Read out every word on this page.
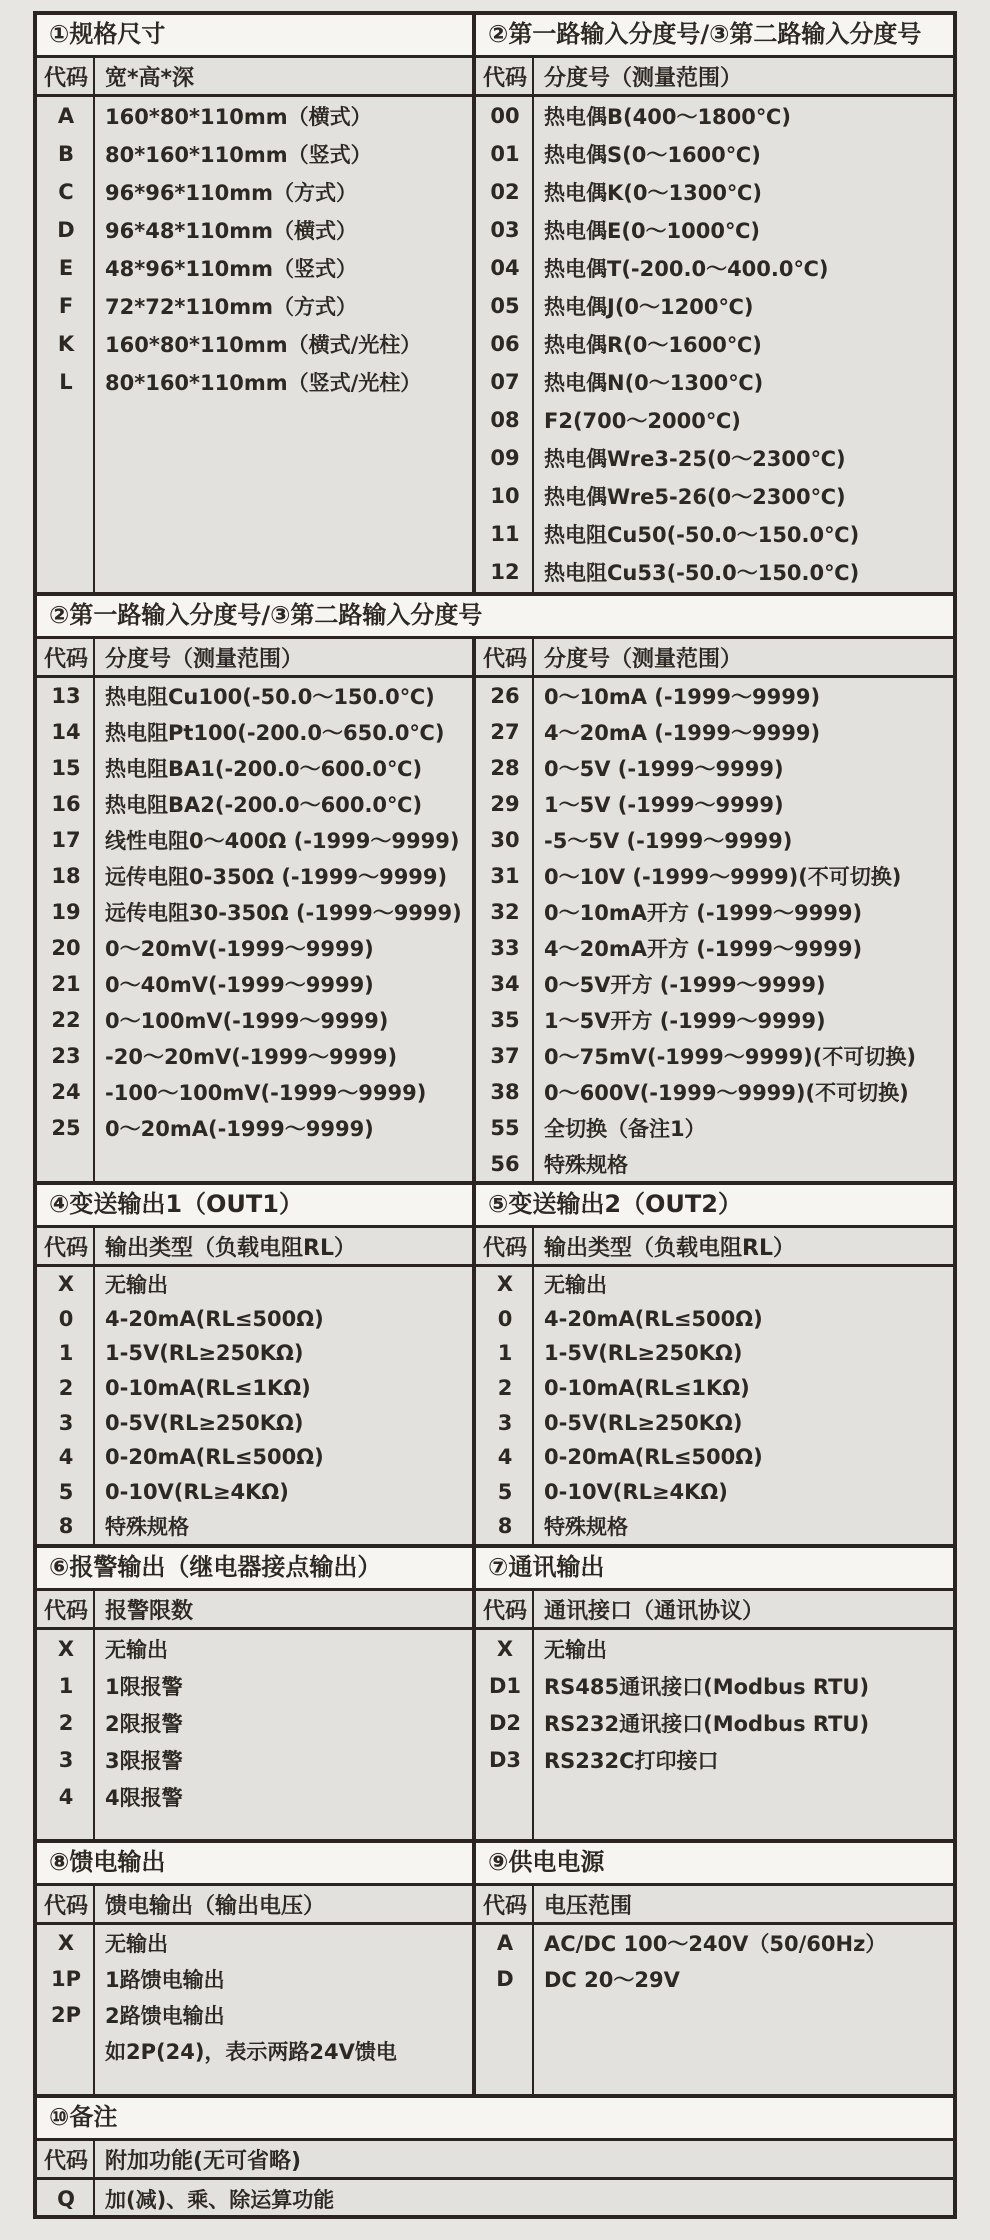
①规格尺寸
代码 宽*高*深
A	160*80*110mm（横式）
B	80*160*110mm（竖式）
C	96*96*110mm（方式）
D	96*48*110mm（横式）
E	48*96*110mm（竖式）
F	72*72*110mm（方式）
K	160*80*110mm（横式/光柱）
L	80*160*110mm（竖式/光柱）
②第一路输入分度号/③第二路输入分度号
代码 分度号（测量范围）
00	热电偶B(400～1800℃)
01	热电偶S(0～1600℃)
02	热电偶K(0～1300℃)
03	热电偶E(0～1000℃)
04	热电偶T(-200.0～400.0℃)
05	热电偶J(0～1200℃)
06	热电偶R(0～1600℃)
07	热电偶N(0～1300℃)
08	F2(700～2000℃)
09	热电偶Wre3-25(0～2300℃)
10	热电偶Wre5-26(0～2300℃)
11	热电阻Cu50(-50.0～150.0℃)
12	热电阻Cu53(-50.0～150.0℃)
②第一路输入分度号/③第二路输入分度号
代码 分度号（测量范围）
13	热电阻Cu100(-50.0～150.0℃)
14	热电阻Pt100(-200.0～650.0℃)
15	热电阻BA1(-200.0～600.0℃)
16	热电阻BA2(-200.0～600.0℃)
17	线性电阻0～400Ω (-1999～9999)
18	远传电阻0-350Ω (-1999～9999)
19	远传电阻30-350Ω (-1999～9999)
20	0～20mV(-1999～9999)
21	0～40mV(-1999～9999)
22	0～100mV(-1999～9999)
23	-20～20mV(-1999～9999)
24	-100～100mV(-1999～9999)
25	0～20mA(-1999～9999)
代码 分度号（测量范围）
26	0～10mA (-1999～9999)
27	4～20mA (-1999～9999)
28	0～5V (-1999～9999)
29	1～5V (-1999～9999)
30	-5～5V (-1999～9999)
31	0～10V (-1999～9999)(不可切换)
32	0～10mA开方 (-1999～9999)
33	4～20mA开方 (-1999～9999)
34	0～5V开方 (-1999～9999)
35	1～5V开方 (-1999～9999)
37	0～75mV(-1999～9999)(不可切换)
38	0～600V(-1999～9999)(不可切换)
55	全切换（备注1）
56	特殊规格
④变送输出1（OUT1）
代码 输出类型（负载电阻RL）
X	无输出
0	4-20mA(RL≤500Ω)
1	1-5V(RL≥250KΩ)
2	0-10mA(RL≤1KΩ)
3	0-5V(RL≥250KΩ)
4	0-20mA(RL≤500Ω)
5	0-10V(RL≥4KΩ)
8	特殊规格
⑤变送输出2（OUT2）
代码 输出类型（负载电阻RL）
X	无输出
0	4-20mA(RL≤500Ω)
1	1-5V(RL≥250KΩ)
2	0-10mA(RL≤1KΩ)
3	0-5V(RL≥250KΩ)
4	0-20mA(RL≤500Ω)
5	0-10V(RL≥4KΩ)
8	特殊规格
⑥报警输出（继电器接点输出）
代码 报警限数
X	无输出
1	1限报警
2	2限报警
3	3限报警
4	4限报警
⑦通讯输出
代码 通讯接口（通讯协议）
X	无输出
D1	RS485通讯接口(Modbus RTU)
D2	RS232通讯接口(Modbus RTU)
D3	RS232C打印接口
⑧馈电输出
代码 馈电输出（输出电压）
X	无输出
1P	1路馈电输出
2P	2路馈电输出
如2P(24)，表示两路24V馈电
⑨供电电源
代码 电压范围
A	AC/DC 100～240V（50/60Hz）
D	DC 20～29V
⑩备注
代码 附加功能(无可省略)
Q	加(减)、乘、除运算功能
